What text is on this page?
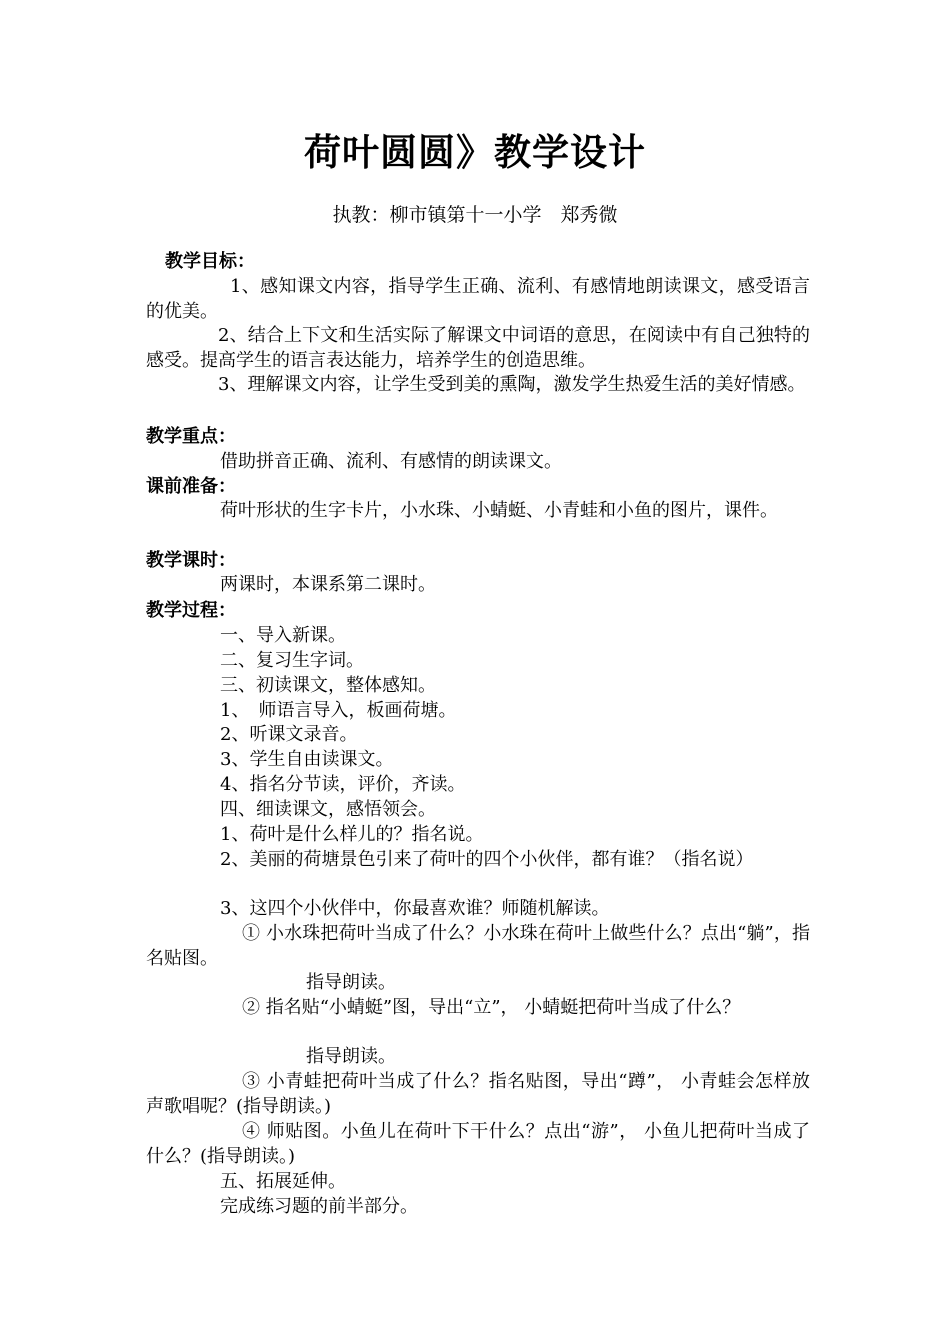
荷叶圆圆》教学设计
执教：柳市镇第十一小学　郑秀微
教学目标：
1、感知课文内容，指导学生正确、流利、有感情地朗读课文，感受语言的优美。
2、结合上下文和生活实际了解课文中词语的意思，在阅读中有自己独特的感受。提高学生的语言表达能力，培养学生的创造思维。
3、理解课文内容，让学生受到美的熏陶，激发学生热爱生活的美好情感。
教学重点：
借助拼音正确、流利、有感情的朗读课文。
课前准备：
荷叶形状的生字卡片，小水珠、小蜻蜓、小青蛙和小鱼的图片，课件。
教学课时：
两课时，本课系第二课时。
教学过程：
一、导入新课。
二、复习生字词。
三、初读课文，整体感知。
1、　师语言导入，板画荷塘。
2、听课文录音。
3、学生自由读课文。
4、指名分节读，评价，齐读。
四、细读课文，感悟领会。
1、荷叶是什么样儿的？指名说。
2、美丽的荷塘景色引来了荷叶的四个小伙伴，都有谁？（指名说）
3、这四个小伙伴中，你最喜欢谁？师随机解读。
① 小水珠把荷叶当成了什么？小水珠在荷叶上做些什么？点出“躺”，指名贴图。
指导朗读。
② 指名贴“小蜻蜓”图，导出“立”， 小蜻蜓把荷叶当成了什么？
指导朗读。
③ 小青蛙把荷叶当成了什么？指名贴图，导出“蹲”， 小青蛙会怎样放声歌唱呢？(指导朗读。)
④ 师贴图。小鱼儿在荷叶下干什么？点出“游”， 小鱼儿把荷叶当成了什么？(指导朗读。)
五、拓展延伸。
完成练习题的前半部分。
